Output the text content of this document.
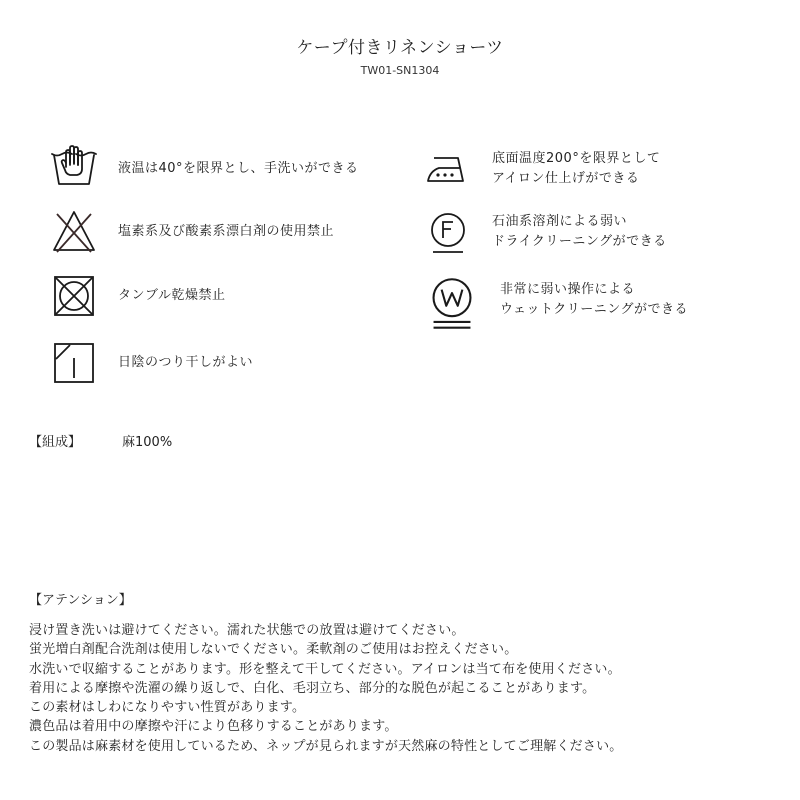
ケープ付きリネンショーツ
TW01-SN1304
液温は40°を限界とし、手洗いができる
塩素系及び酸素系漂白剤の使用禁止
タンブル乾燥禁止
日陰のつり干しがよい
底面温度200°を限界として
アイロン仕上げができる
石油系溶剤による弱い
ドライクリーニングができる
非常に弱い操作による
ウェットクリーニングができる
【組成】	麻100%
【アテンション】
浸け置き洗いは避けてください。濡れた状態での放置は避けてください。
蛍光増白剤配合洗剤は使用しないでください。柔軟剤のご使用はお控えください。
水洗いで収縮することがあります。形を整えて干してください。アイロンは当て布を使用ください。
着用による摩擦や洗濯の繰り返しで、白化、毛羽立ち、部分的な脱色が起こることがあります。
この素材はしわになりやすい性質があります。
濃色品は着用中の摩擦や汗により色移りすることがあります。
この製品は麻素材を使用しているため、ネップが見られますが天然麻の特性としてご理解ください。
